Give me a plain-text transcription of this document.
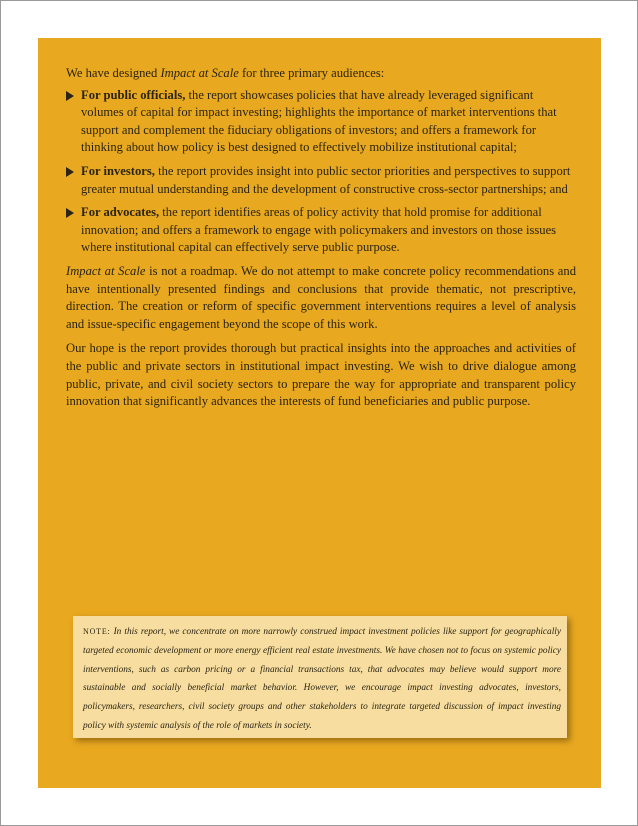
We have designed Impact at Scale for three primary audiences:

For public officials, the report showcases policies that have already leveraged significant volumes of capital for impact investing; highlights the importance of market interventions that support and complement the fiduciary obligations of investors; and offers a framework for thinking about how policy is best designed to effectively mobilize institutional capital;
For investors, the report provides insight into public sector priorities and perspectives to support greater mutual understanding and the development of constructive cross-sector partnerships; and
For advocates, the report identifies areas of policy activity that hold promise for additional innovation; and offers a framework to engage with policymakers and investors on those issues where institutional capital can effectively serve public purpose.

Impact at Scale is not a roadmap. We do not attempt to make concrete policy recommendations and have intentionally presented findings and conclusions that provide thematic, not prescriptive, direction. The creation or reform of specific government interventions requires a level of analysis and issue-specific engagement beyond the scope of this work.

Our hope is the report provides thorough but practical insights into the approaches and activities of the public and private sectors in institutional impact investing. We wish to drive dialogue among public, private, and civil society sectors to prepare the way for appropriate and transparent policy innovation that significantly advances the interests of fund beneficiaries and public purpose.

NOTE: In this report, we concentrate on more narrowly construed impact investment policies like support for geographically targeted economic development or more energy efficient real estate investments. We have chosen not to focus on systemic policy interventions, such as carbon pricing or a financial transactions tax, that advocates may believe would support more sustainable and socially beneficial market behavior. However, we encourage impact investing advocates, investors, policymakers, researchers, civil society groups and other stakeholders to integrate targeted discussion of impact investing policy with systemic analysis of the role of markets in society.
